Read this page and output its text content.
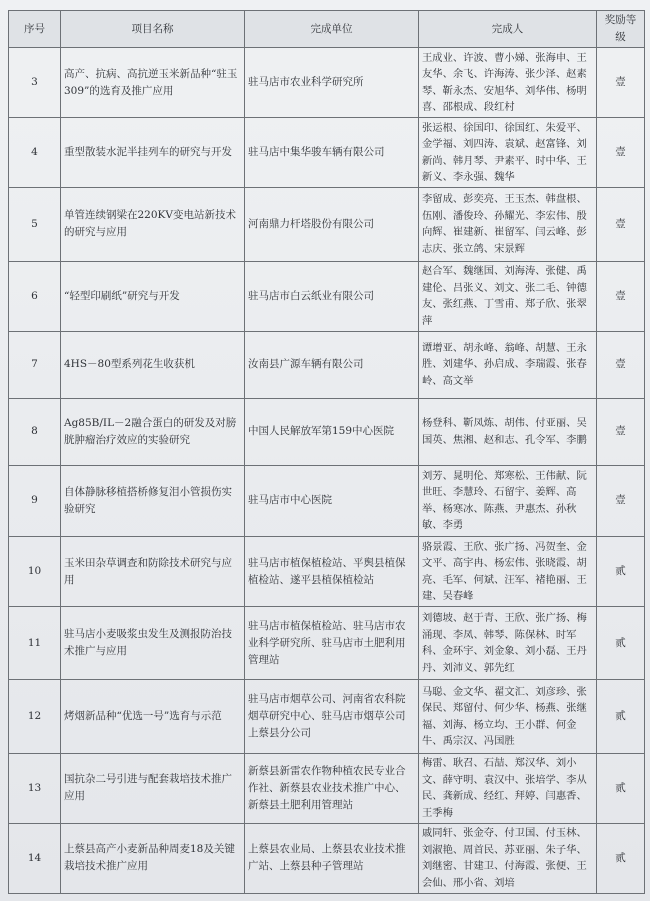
序号	项目名称	完成单位	完成人	奖励等级
3	高产、抗病、高抗逆玉米新品种“驻玉309”的选育及推广应用	驻马店市农业科学研究所	王成业、许波、曹小娣、张海申、王友华、余飞、许海涛、张少泽、赵素琴、靳永杰、安旭华、刘华伟、杨明喜、邵根成、段红村	壹
4	重型散装水泥半挂列车的研究与开发	驻马店中集华骏车辆有限公司	张运根、徐国印、徐国红、朱爱平、金学福、刘四涛、袁斌、赵富锋、刘新尚、韩月琴、尹素平、时中华、王新义、李永强、魏华	壹
5	单管连续钢梁在220KV变电站新技术的研究与应用	河南鼎力杆塔股份有限公司	李留成、彭奕亮、王玉杰、韩盘根、伍刚、潘俊玲、孙耀光、李宏伟、殷向辉、崔建新、崔留军、闫云峰、彭志庆、张立鸽、宋景辉	壹
6	“轻型印刷纸”研究与开发	驻马店市白云纸业有限公司	赵合军、魏继国、刘海涛、张健、禹建伦、吕张义、刘文、张二毛、钟德友、张红燕、丁雪甫、郑子欣、张翠萍	壹
7	4HS－80型系列花生收获机	汝南县广源车辆有限公司	谭增亚、胡永峰、翁峰、胡慧、王永胜、刘建华、孙启成、李瑞霞、张春岭、高文举	壹
8	Ag85B/IL－2融合蛋白的研发及对膀胱肿瘤治疗效应的实验研究	中国人民解放军第159中心医院	杨登科、靳凤炼、胡伟、付亚丽、吴国英、焦湘、赵和志、孔令军、李鹏	壹
9	自体静脉移植搭桥修复泪小管损伤实验研究	驻马店市中心医院	刘芳、晁明伦、郑寒松、王伟献、阮世旺、李慧玲、石留宇、姜辉、高举、杨寒冰、陈燕、尹惠杰、孙秋敏、李勇	壹
10	玉米田杂草调查和防除技术研究与应用	驻马店市植保植检站、平舆县植保植检站、遂平县植保植检站	骆景霞、王欣、张广扬、冯贺奎、金文平、高宇冉、杨宏伟、张晓霞、胡亮、毛军、何斌、汪军、褚艳丽、王建、吴春峰	贰
11	驻马店小麦吸浆虫发生及测报防治技术推广与应用	驻马店市植保植检站、驻马店市农业科学研究所、驻马店市土肥利用管理站	刘德坡、赵于青、王欣、张广扬、梅涌现、李凤、韩琴、陈保林、时军科、金环宇、刘金象、刘小磊、王丹丹、刘沛义、郭先红	贰
12	烤烟新品种“优选一号”选育与示范	驻马店市烟草公司、河南省农科院烟草研究中心、驻马店市烟草公司上蔡县分公司	马聪、金文华、翟文汇、刘彦珍、张保民、郑留付、何少华、杨燕、张继福、刘海、杨立均、王小群、何金牛、禹宗汉、冯国胜	贰
13	国抗杂二号引进与配套栽培技术推广应用	新蔡县新雷农作物种植农民专业合作社、新蔡县农业技术推广中心、新蔡县土肥利用管理站	梅雷、耿召、石喆、郑汉华、刘小文、薛守明、袁汉中、张培学、李从民、龚新成、经红、拜婷、闫惠香、王季梅	贰
14	上蔡县高产小麦新品种周麦18及关键栽培技术推广应用	上蔡县农业局、上蔡县农业技术推广站、上蔡县种子管理站	戚同轩、张金夺、付卫国、付玉林、刘淑艳、周首民、苏亚丽、朱子华、刘继密、甘建卫、付海霞、张便、王会仙、邢小省、刘培	贰
